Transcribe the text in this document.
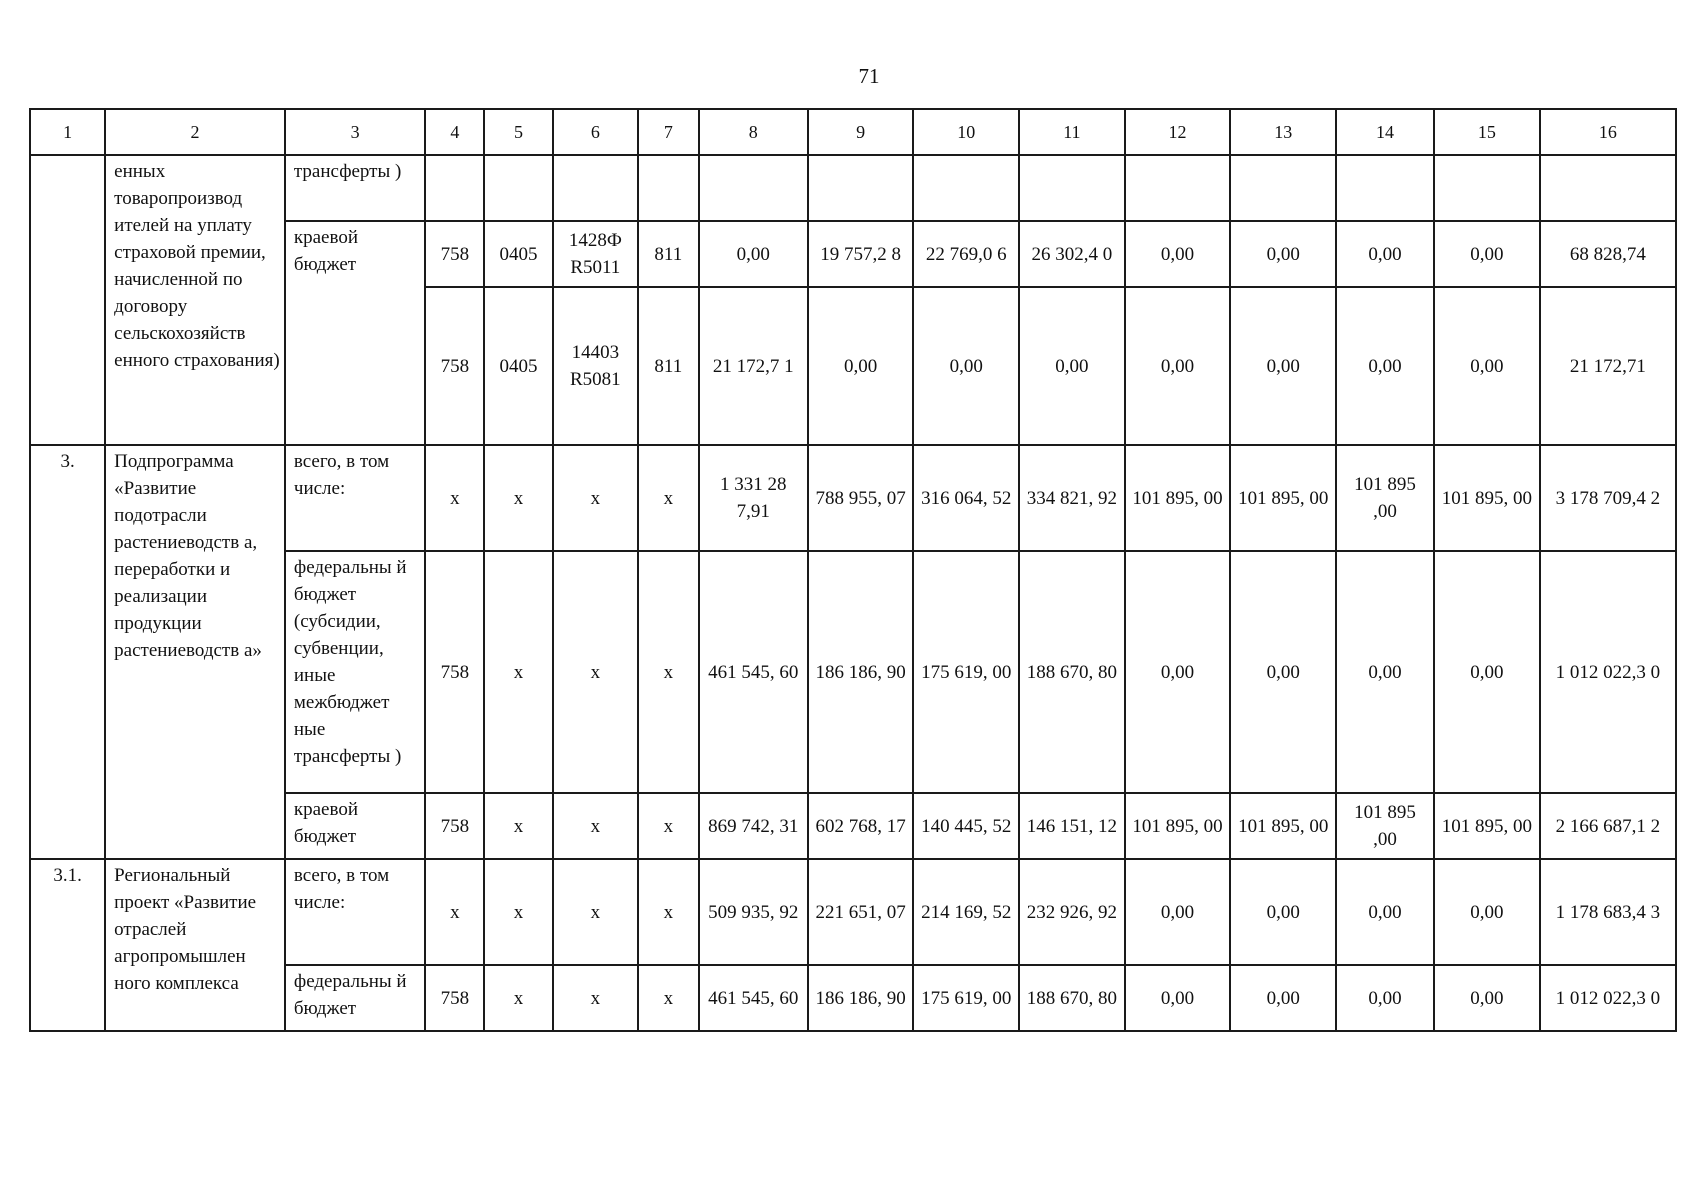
71
1	2	3	4	5	6	7	8	9	10	11	12	13	14	15	16
	енных товаропроизвод ителей на уплату страховой премии, начисленной по договору сельскохозяйств енного страхования)	трансферты )													
		краевой бюджет	758	0405	1428Ф R5011	811	0,00	19 757,2 8	22 769,0 6	26 302,4 0	0,00	0,00	0,00	0,00	68 828,74
			758	0405	14403 R5081	811	21 172,7 1	0,00	0,00	0,00	0,00	0,00	0,00	0,00	21 172,71
3.	Подпрограмма «Развитие подотрасли растениеводств а, переработки и реализации продукции растениеводств а»	всего, в том числе:	x	x	x	x	1 331 28 7,91	788 955, 07	316 064, 52	334 821, 92	101 895, 00	101 895, 00	101 895 ,00	101 895, 00	3 178 709,4 2
		федеральны й бюджет (субсидии, субвенции, иные межбюджет ные трансферты )	758	x	x	x	461 545, 60	186 186, 90	175 619, 00	188 670, 80	0,00	0,00	0,00	0,00	1 012 022,3 0
		краевой бюджет	758	x	x	x	869 742, 31	602 768, 17	140 445, 52	146 151, 12	101 895, 00	101 895, 00	101 895 ,00	101 895, 00	2 166 687,1 2
3.1.	Региональный проект «Развитие отраслей агропромышлен ного комплекса	всего, в том числе:	x	x	x	x	509 935, 92	221 651, 07	214 169, 52	232 926, 92	0,00	0,00	0,00	0,00	1 178 683,4 3
		федеральны й бюджет	758	x	x	x	461 545, 60	186 186, 90	175 619, 00	188 670, 80	0,00	0,00	0,00	0,00	1 012 022,3 0
